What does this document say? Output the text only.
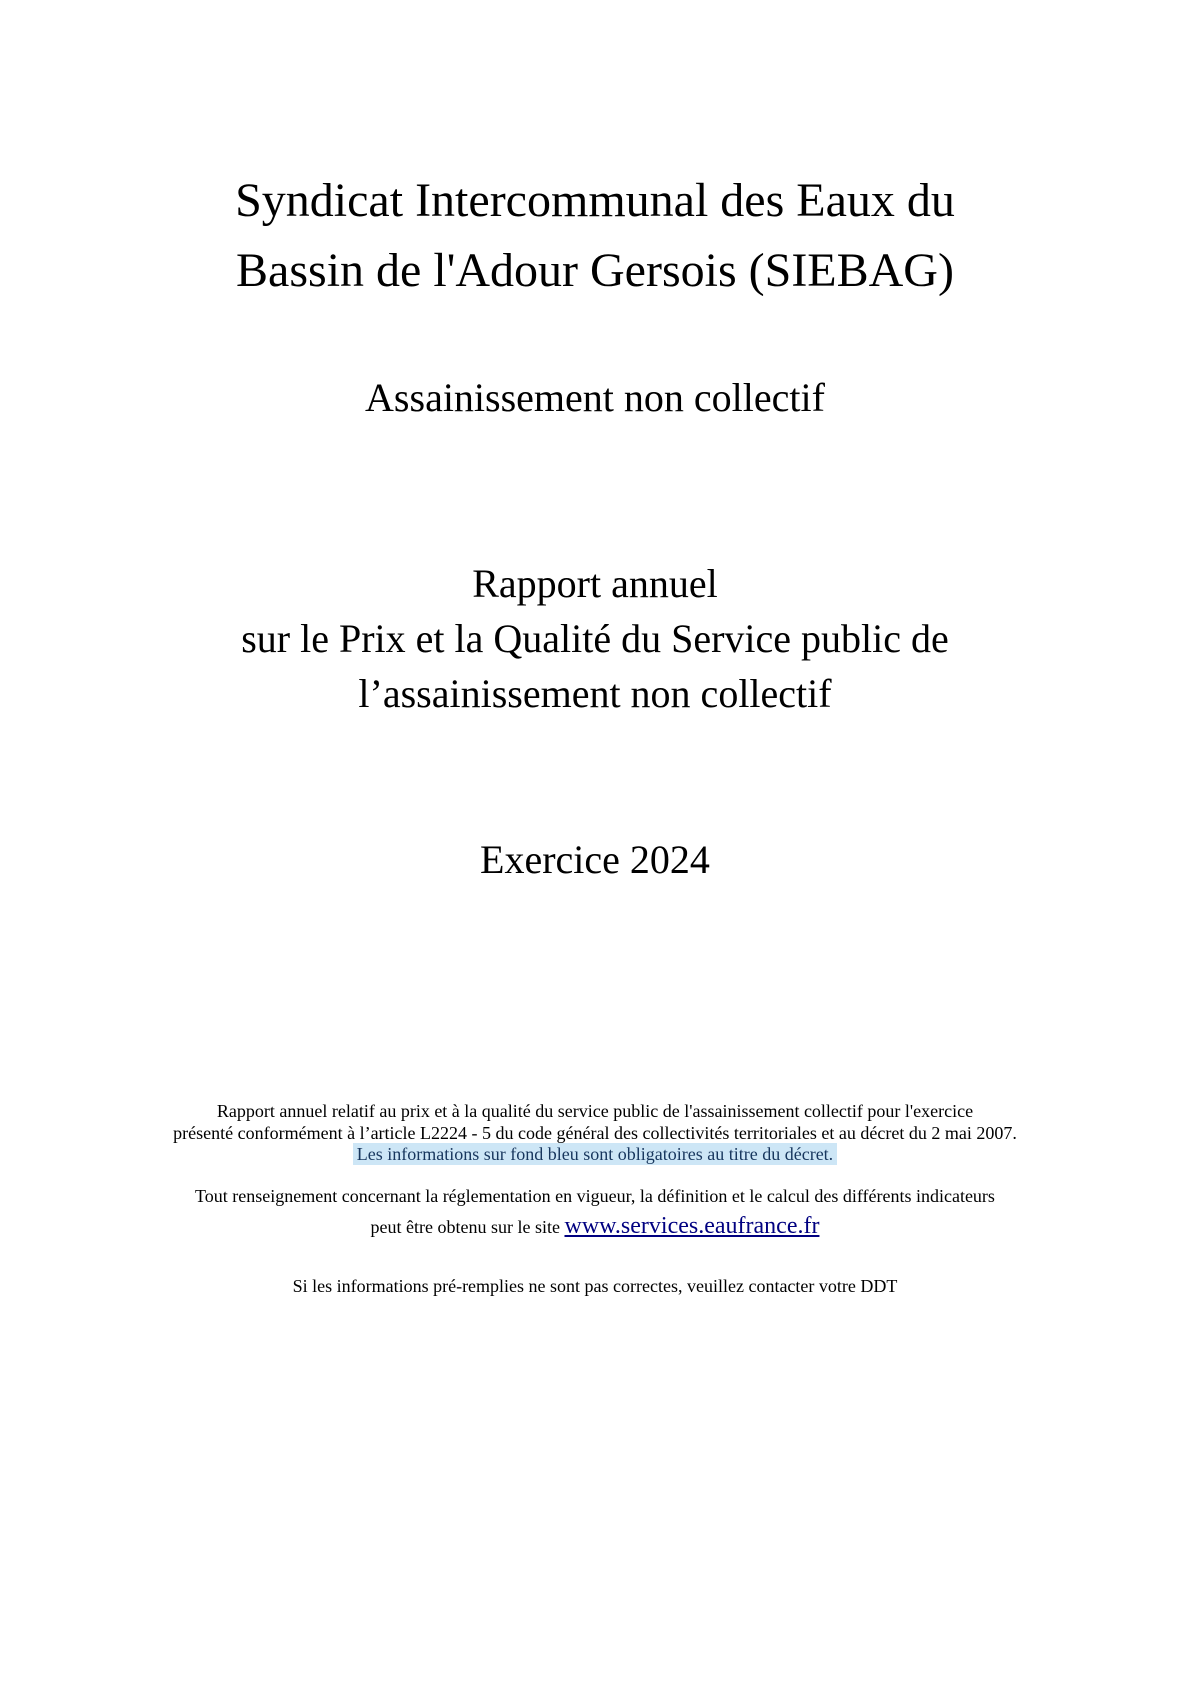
Syndicat Intercommunal des Eaux du
Bassin de l'Adour Gersois (SIEBAG)
Assainissement non collectif
Rapport annuel
sur le Prix et la Qualité du Service public de
l’assainissement non collectif
Exercice 2024
Rapport annuel relatif au prix et à la qualité du service public de l'assainissement collectif pour l'exercice
présenté conformément à l’article L2224 - 5 du code général des collectivités territoriales et au décret du 2 mai 2007.
Les informations sur fond bleu sont obligatoires au titre du décret.
Tout renseignement concernant la réglementation en vigueur, la définition et le calcul des différents indicateurs
peut être obtenu sur le site www.services.eaufrance.fr
Si les informations pré-remplies ne sont pas correctes, veuillez contacter votre DDT
